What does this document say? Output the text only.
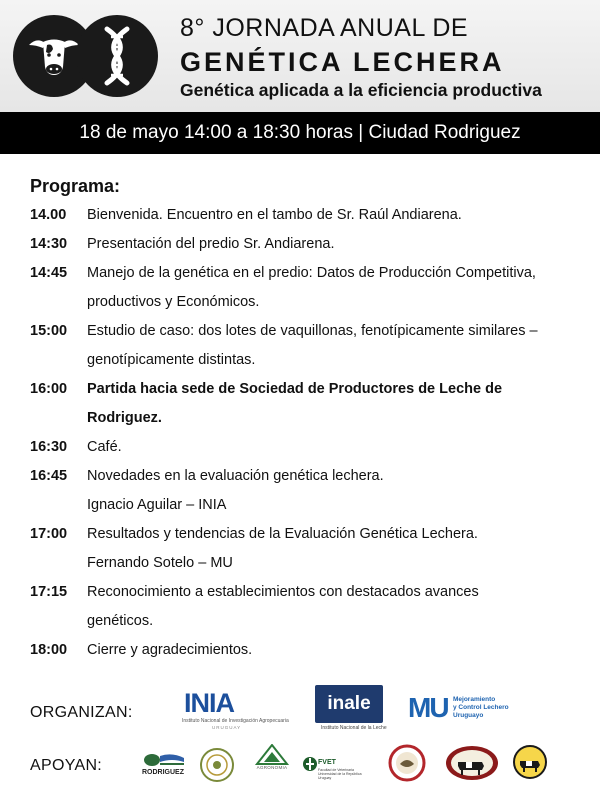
8° JORNADA ANUAL DE
GENÉTICA LECHERA
Genética aplicada a la eficiencia productiva
18 de mayo 14:00 a 18:30 horas | Ciudad Rodriguez
Programa:
14.00	Bienvenida. Encuentro en el tambo de Sr. Raúl Andiarena.
14:30	Presentación del predio Sr. Andiarena.
14:45	Manejo de la genética en el predio: Datos de Producción Competitiva,
productivos y Económicos.
15:00	Estudio de caso: dos lotes de vaquillonas, fenotípicamente similares –
genotípicamente distintas.
16:00	Partida hacia sede de Sociedad de Productores de Leche de
Rodriguez.
16:30	Café.
16:45	Novedades en la evaluación genética lechera.
Ignacio Aguilar – INIA
17:00	Resultados y tendencias de la Evaluación Genética Lechera.
Fernando Sotelo – MU
17:15	Reconocimiento a establecimientos con destacados avances
genéticos.
18:00	Cierre y agradecimientos.
ORGANIZAN: INIA
Instituto Nacional de Investigación Agropecuaria
URUGUAY
inale
Instituto Nacional de la Leche
MU Mejoramiento
y Control Lechero
Uruguayo
APOYAN:	RODRIGUEZ
AGRONOMIA
FVET
Facultad de Veterinaria Universidad de la República Uruguay
